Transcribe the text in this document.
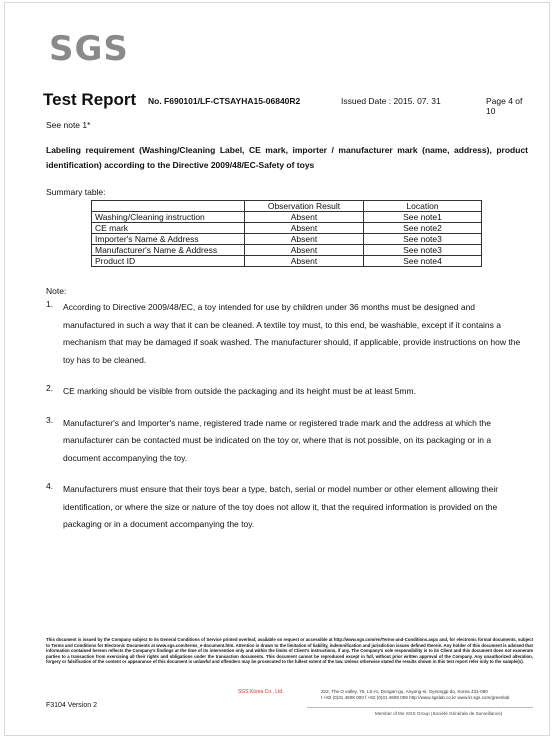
SGS
Test Report No. F690101/LF-CTSAYHA15-06840R2	Issued Date : 2015. 07. 31	Page 4 of 10
See note 1*
Labeling requirement (Washing/Cleaning Label, CE mark, importer / manufacturer mark (name, address), product identification) according to the Directive 2009/48/EC-Safety of toys
Summary table:
	Observation Result	Location
Washing/Cleaning instruction	Absent	See note1
CE mark	Absent	See note2
Importer's Name & Address	Absent	See note3
Manufacturer's Name & Address	Absent	See note3
Product ID	Absent	See note4
Note:
1. According to Directive 2009/48/EC, a toy intended for use by children under 36 months must be designed and manufactured in such a way that it can be cleaned. A textile toy must, to this end, be washable, except if it contains a mechanism that may be damaged if soak washed. The manufacturer should, if applicable, provide instructions on how the toy has to be cleaned.
2. CE marking should be visible from outside the packaging and its height must be at least 5mm.
3. Manufacturer's and Importer's name, registered trade name or registered trade mark and the address at which the manufacturer can be contacted must be indicated on the toy or, where that is not possible, on its packaging or in a document accompanying the toy.
4. Manufacturers must ensure that their toys bear a type, batch, serial or model number or other element allowing their identification, or where the size or nature of the toy does not allow it, that the required information is provided on the packaging or in a document accompanying the toy.
This document is issued by the Company subject to its General Conditions of Service printed overleaf, available on request or accessible at http://www.sgs.com/en/Terms-and-Conditions.aspx and, for electronic format documents, subject to Terms and Conditions for Electronic Documents at www.sgs.com/terms_e-document.htm. Attention is drawn to the limitation of liability, indemnification and jurisdiction issues defined therein. Any holder of this document is advised that information contained hereon reflects the Company's findings at the time of its intervention only and within the limits of Client's instructions, if any. The Company's sole responsibility is to its Client and this document does not exonerate parties to a transaction from exercising all their rights and obligations under the transaction documents. This document cannot be reproduced except in full, without prior written approval of the Company. Any unauthorized alteration, forgery or falsification of the content or appearance of this document is unlawful and offenders may be prosecuted to the fullest extent of the law. Unless otherwise stated the results shown in this test report refer only to the sample(s).
SGS Korea Co., Ltd.	322, The O valley, 76, LS-ro, Dongan-gu, Anyang-si, Gyeonggi-do, Korea 431-080
t +82 (0)31 4608 000 f +82 (0)31 4608 059 http://www.sgslab.co.kr www.kr.sgs.com/greenlab
F3104 Version 2
Member of the SGS Group (Société Générale de Surveillance)
